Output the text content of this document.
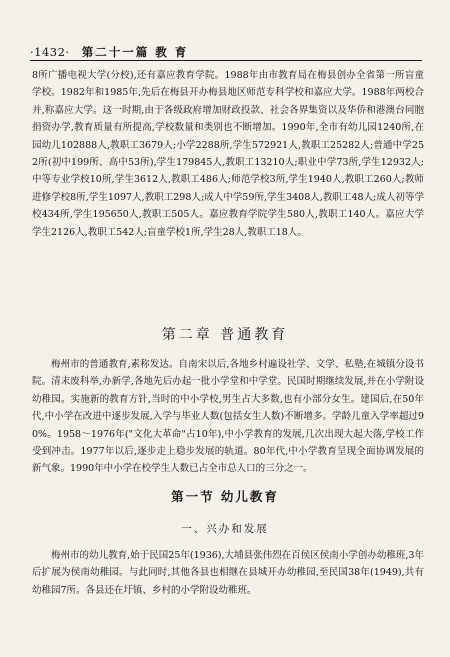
·1432· 第二十一篇 教 育

8所广播电视大学(分校),还有嘉应教育学院。1988年由市教育局在梅县创办全省第一所盲童学校。1982年和1985年,先后在梅县开办梅县地区师范专科学校和嘉应大学。1988年两校合并,称嘉应大学。这一时期,由于各级政府增加财政投款、社会各界集资以及华侨和港澳台同胞捐资办学,教育质量有所提高,学校数量和类别也不断增加。1990年,全市有幼儿园1240所,在园幼儿102888人,教职工3679人;小学2288所,学生572921人,教职工25282人;普通中学252所(初中199所、高中53所),学生179845人,教职工13210人;职业中学73所,学生12932人;中等专业学校10所,学生3612人,教职工486人;师范学校3所,学生1940人,教职工260人;教师进修学校8所,学生1097人,教职工298人;成人中学59所,学生3408人,教职工48人;成人初等学校434所,学生195650人,教职工505人。嘉应教育学院学生580人,教职工140人。嘉应大学学生2126人,教职工542人;盲童学校1所,学生28人,教职工18人。

第二章 普通教育

梅州市的普通教育,素称发达。自南宋以后,各地乡村遍设社学、文学、私塾,在城镇分设书院。清末废科举,办新学,各地先后办起一批小学堂和中学堂。民国时期继续发展,并在小学附设幼稚园。实施新的教育方针,当时的中小学校,男生占大多数,也有小部分女生。建国后,在50年代,中小学在改进中逐步发展,入学与毕业人数(包括女生人数)不断增多。学龄儿童入学率超过90%。1958～1976年("文化大革命"占10年),中小学教育的发展,几次出现大起大落,学校工作受到冲击。1977年以后,逐步走上稳步发展的轨道。80年代,中小学教育呈现全面协调发展的新气象。1990年中小学在校学生人数已占全市总人口的三分之一。

第一节 幼儿教育
一、兴办和发展

梅州市的幼儿教育,始于民国25年(1936),大埔县张伟烈在百侯区侯南小学创办幼稚班,3年后扩展为侯南幼稚园。与此同时,其他各县也相继在县城开办幼稚园,至民国38年(1949),共有幼稚园7所。各县还在圩镇、乡村的小学附设幼稚班。
